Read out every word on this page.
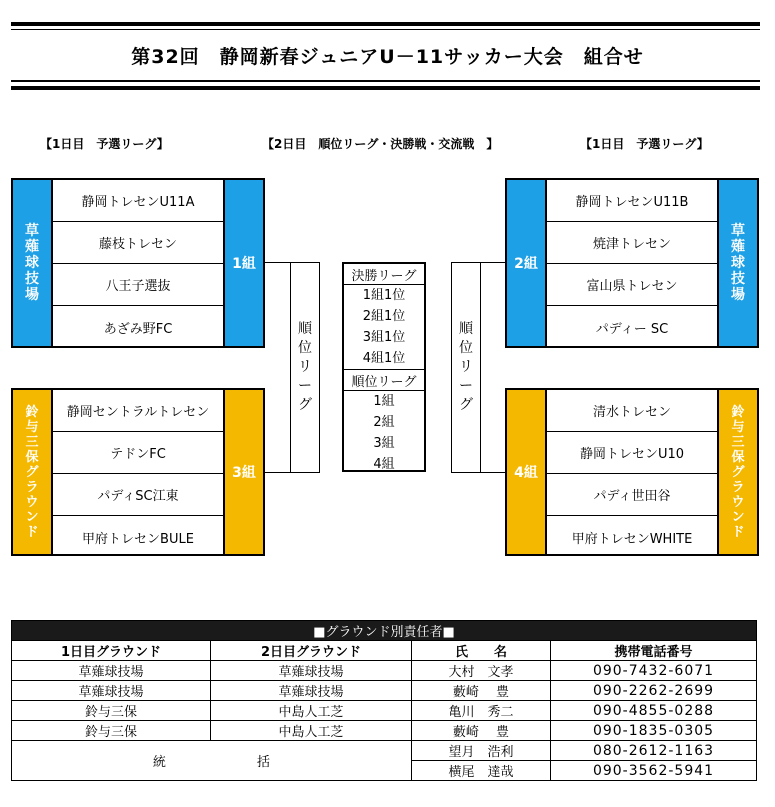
第32回　静岡新春ジュニアU－11サッカー大会　組合せ
【1日目　予選リーグ】	【2日目　順位リーグ・決勝戦・交流戦　】	【1日目　予選リーグ】
草
薙
球
技
場
静岡トレセンU11A
藤枝トレセン
八王子選抜
あざみ野FC
1組
鈴
与
三
保
グ
ラ
ウ
ン
ド
静岡セントラルトレセン
テドンFC
パディSC江東
甲府トレセンBULE
3組
順
位
リ
ー
グ
決勝リーグ
1組1位
2組1位
3組1位
4組1位
順位リーグ
1組
2組
3組
4組
順
位
リ
ー
グ
2組
静岡トレセンU11B
焼津トレセン
富山県トレセン
パディー SC
草
薙
球
技
場
4組
清水トレセン
静岡トレセンU10
パディ世田谷
甲府トレセンWHITE
鈴
与
三
保
グ
ラ
ウ
ン
ド
■グラウンド別責任者■			
1日目グラウンド	2日目グラウンド	氏　　名	携帯電話番号
草薙球技場	草薙球技場	大村　文孝	090-7432-6071
草薙球技場	草薙球技場	藪崎　 豊	090-2262-2699
鈴与三保	中島人工芝	亀川　秀二	090-4855-0288
鈴与三保	中島人工芝	藪崎　 豊	090-1835-0305
統 括		望月　浩利	080-2612-1163
		横尾　達哉	090-3562-5941
